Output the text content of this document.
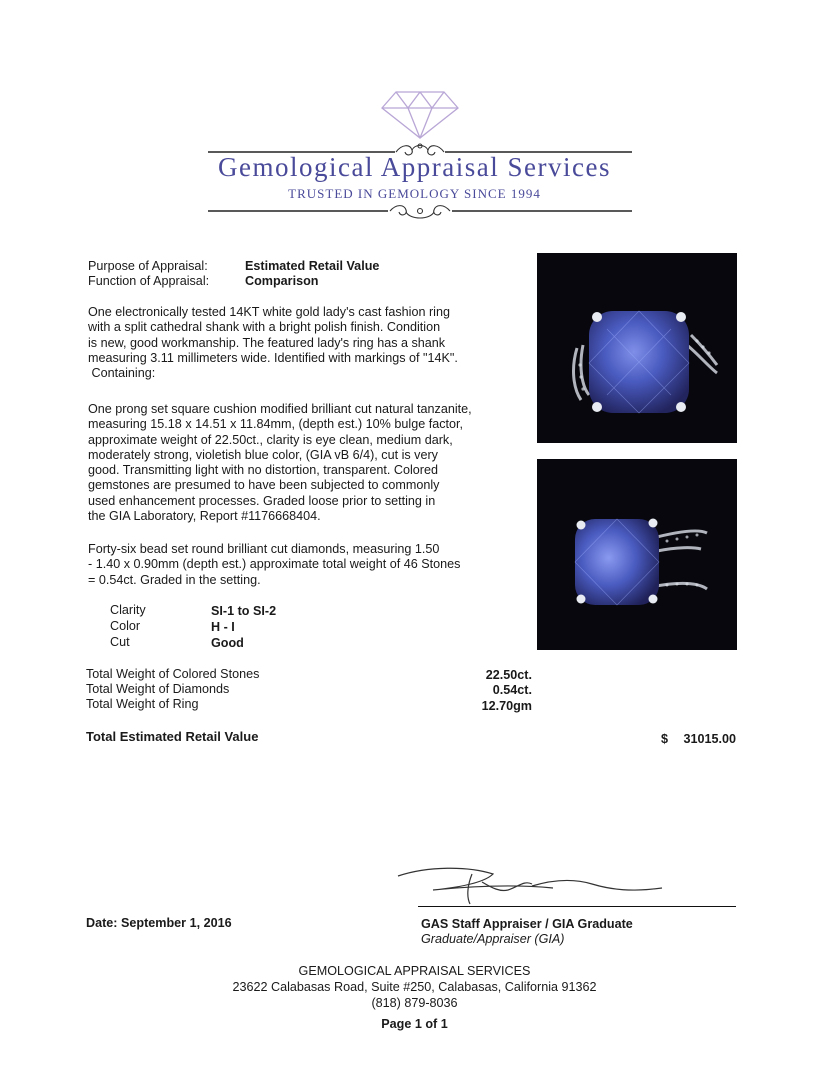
Gemological Appraisal Services
TRUSTED IN GEMOLOGY SINCE 1994
Purpose of Appraisal:	Estimated Retail Value
Function of Appraisal:	Comparison
One electronically tested 14KT white gold lady's cast fashion ring
with a split cathedral shank with a bright polish finish. Condition
is new, good workmanship. The featured lady's ring has a shank
measuring 3.11 millimeters wide. Identified with markings of "14K".
Containing:
One prong set square cushion modified brilliant cut natural tanzanite,
measuring 15.18 x 14.51 x 11.84mm, (depth est.) 10% bulge factor,
approximate weight of 22.50ct., clarity is eye clean, medium dark,
moderately strong, violetish blue color, (GIA vB 6/4), cut is very
good. Transmitting light with no distortion, transparent. Colored
gemstones are presumed to have been subjected to commonly
used enhancement processes. Graded loose prior to setting in
the GIA Laboratory, Report #1176668404.
Forty-six bead set round brilliant cut diamonds, measuring 1.50
- 1.40 x 0.90mm (depth est.) approximate total weight of 46 Stones
= 0.54ct. Graded in the setting.
Clarity	SI-1 to SI-2
Color	H - I
Cut	Good
Total Weight of Colored Stones	22.50ct.
Total Weight of Diamonds	0.54ct.
Total Weight of Ring	12.70gm
Total Estimated Retail Value	$	31015.00
Date: September 1, 2016	GAS Staff Appraiser / GIA Graduate
Graduate/Appraiser (GIA)
GEMOLOGICAL APPRAISAL SERVICES
23622 Calabasas Road, Suite #250, Calabasas, California 91362
(818) 879-8036
Page 1 of 1
